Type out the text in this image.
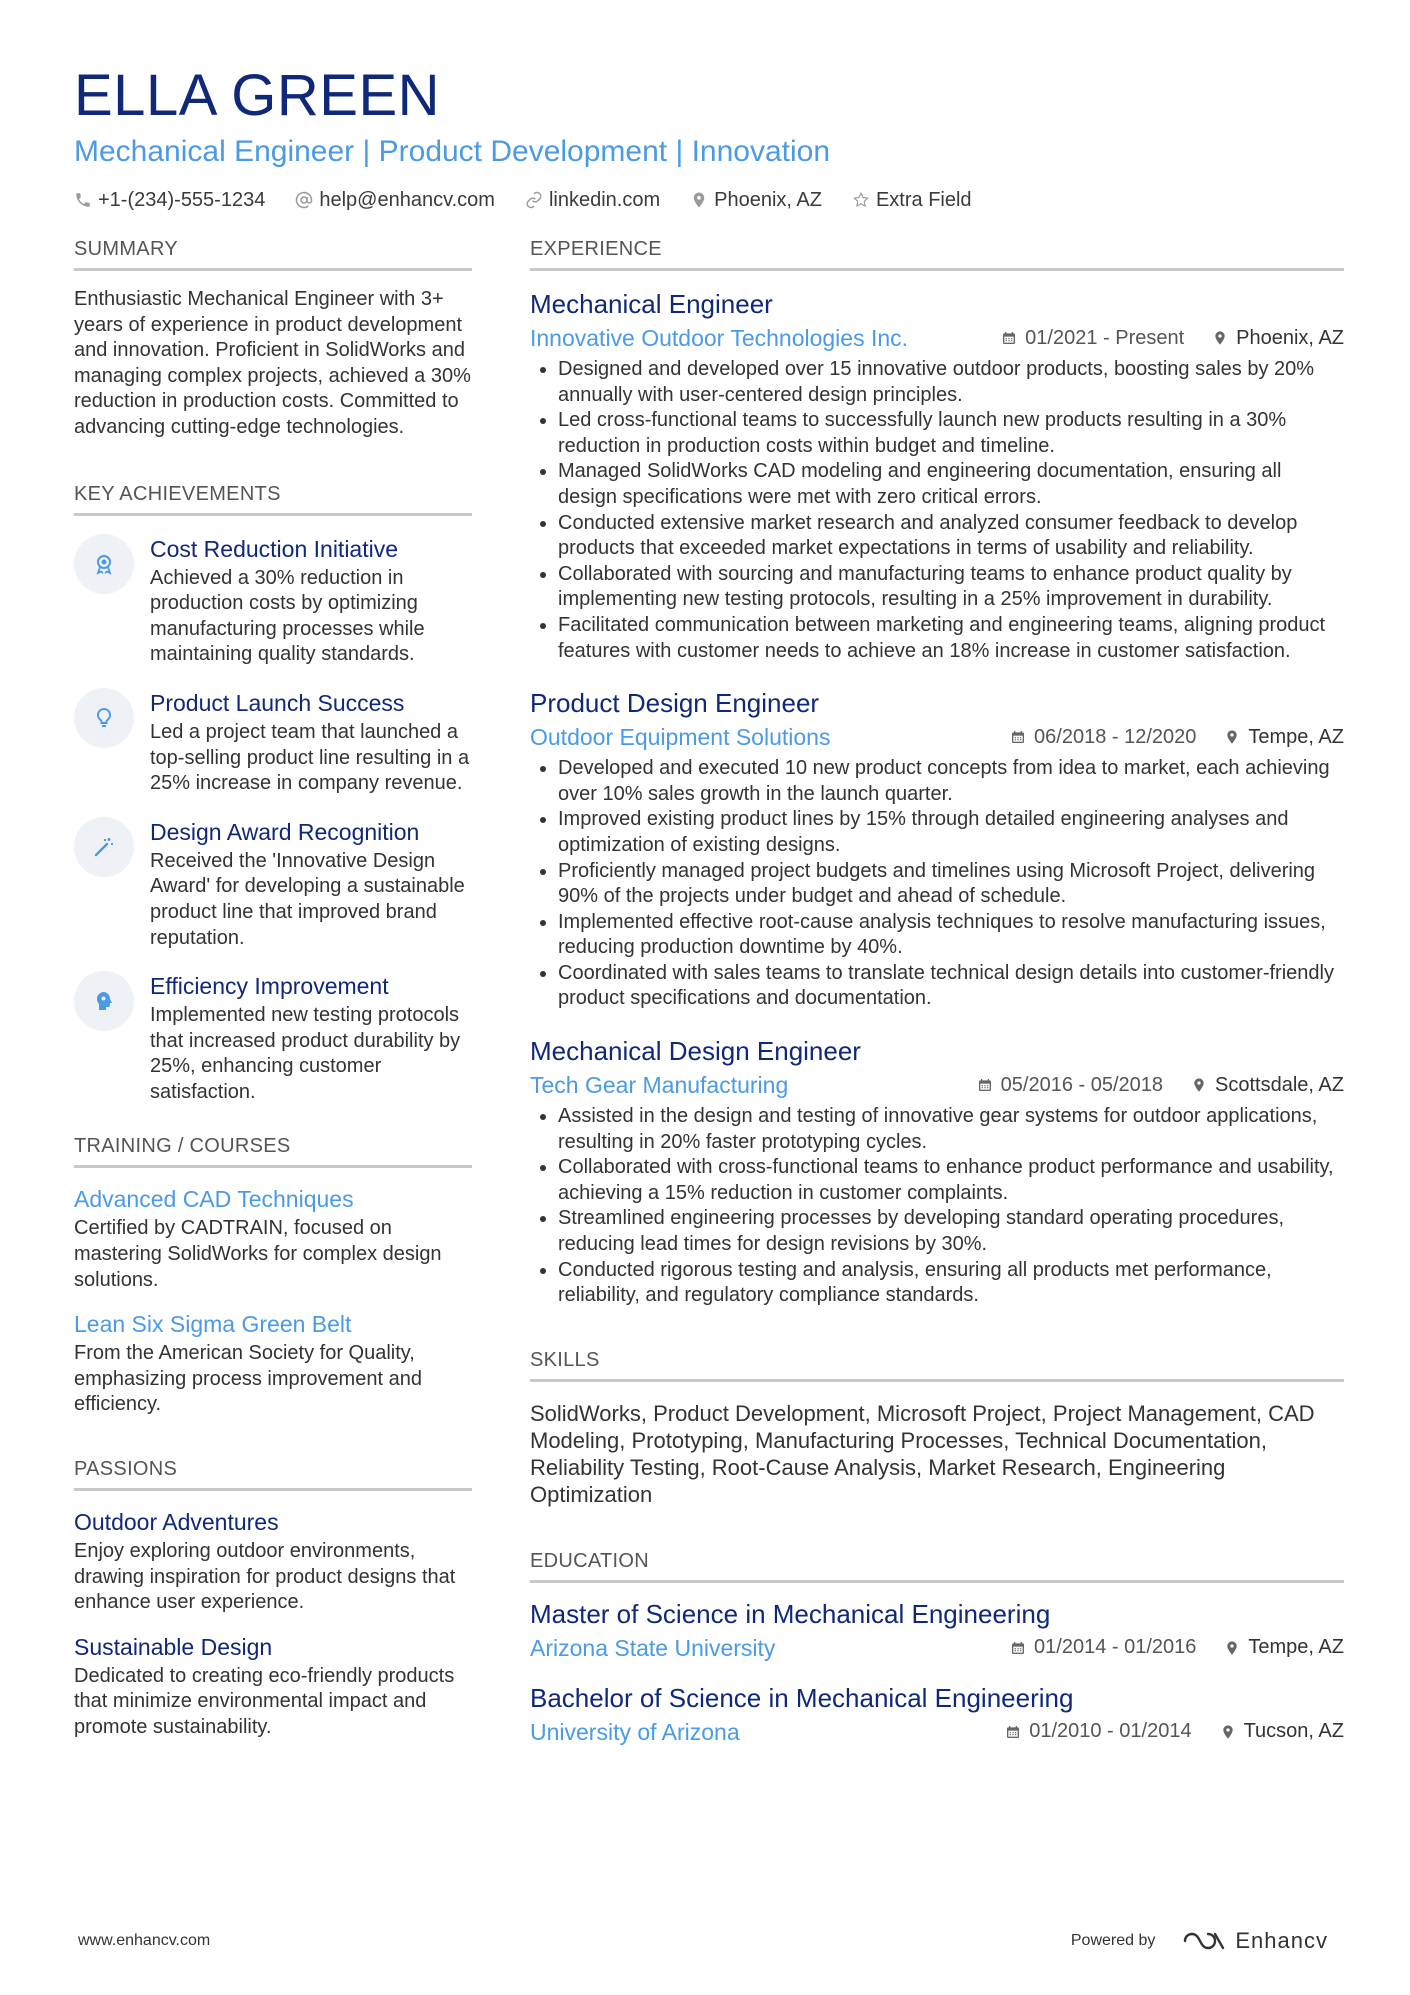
ELLA GREEN
Mechanical Engineer | Product Development | Innovation
+1-(234)-555-1234	help@enhancv.com	linkedin.com	Phoenix, AZ	Extra Field
SUMMARY
Enthusiastic Mechanical Engineer with 3+ years of experience in product development and innovation. Proficient in SolidWorks and managing complex projects, achieved a 30% reduction in production costs. Committed to advancing cutting-edge technologies.
KEY ACHIEVEMENTS
Cost Reduction Initiative
Achieved a 30% reduction in production costs by optimizing manufacturing processes while maintaining quality standards.
Product Launch Success
Led a project team that launched a top-selling product line resulting in a 25% increase in company revenue.
Design Award Recognition
Received the 'Innovative Design Award' for developing a sustainable product line that improved brand reputation.
Efficiency Improvement
Implemented new testing protocols that increased product durability by 25%, enhancing customer satisfaction.
TRAINING / COURSES
Advanced CAD Techniques
Certified by CADTRAIN, focused on mastering SolidWorks for complex design solutions.
Lean Six Sigma Green Belt
From the American Society for Quality, emphasizing process improvement and efficiency.
PASSIONS
Outdoor Adventures
Enjoy exploring outdoor environments, drawing inspiration for product designs that enhance user experience.
Sustainable Design
Dedicated to creating eco-friendly products that minimize environmental impact and promote sustainability.
EXPERIENCE
Mechanical Engineer
Innovative Outdoor Technologies Inc.	01/2021 - Present	Phoenix, AZ
Designed and developed over 15 innovative outdoor products, boosting sales by 20% annually with user-centered design principles.
Led cross-functional teams to successfully launch new products resulting in a 30% reduction in production costs within budget and timeline.
Managed SolidWorks CAD modeling and engineering documentation, ensuring all design specifications were met with zero critical errors.
Conducted extensive market research and analyzed consumer feedback to develop products that exceeded market expectations in terms of usability and reliability.
Collaborated with sourcing and manufacturing teams to enhance product quality by implementing new testing protocols, resulting in a 25% improvement in durability.
Facilitated communication between marketing and engineering teams, aligning product features with customer needs to achieve an 18% increase in customer satisfaction.
Product Design Engineer
Outdoor Equipment Solutions	06/2018 - 12/2020	Tempe, AZ
Developed and executed 10 new product concepts from idea to market, each achieving over 10% sales growth in the launch quarter.
Improved existing product lines by 15% through detailed engineering analyses and optimization of existing designs.
Proficiently managed project budgets and timelines using Microsoft Project, delivering 90% of the projects under budget and ahead of schedule.
Implemented effective root-cause analysis techniques to resolve manufacturing issues, reducing production downtime by 40%.
Coordinated with sales teams to translate technical design details into customer-friendly product specifications and documentation.
Mechanical Design Engineer
Tech Gear Manufacturing	05/2016 - 05/2018	Scottsdale, AZ
Assisted in the design and testing of innovative gear systems for outdoor applications, resulting in 20% faster prototyping cycles.
Collaborated with cross-functional teams to enhance product performance and usability, achieving a 15% reduction in customer complaints.
Streamlined engineering processes by developing standard operating procedures, reducing lead times for design revisions by 30%.
Conducted rigorous testing and analysis, ensuring all products met performance, reliability, and regulatory compliance standards.
SKILLS
SolidWorks, Product Development, Microsoft Project, Project Management, CAD Modeling, Prototyping, Manufacturing Processes, Technical Documentation, Reliability Testing, Root-Cause Analysis, Market Research, Engineering Optimization
EDUCATION
Master of Science in Mechanical Engineering
Arizona State University	01/2014 - 01/2016	Tempe, AZ
Bachelor of Science in Mechanical Engineering
University of Arizona	01/2010 - 01/2014	Tucson, AZ
www.enhancv.com	Powered by	Enhancv
